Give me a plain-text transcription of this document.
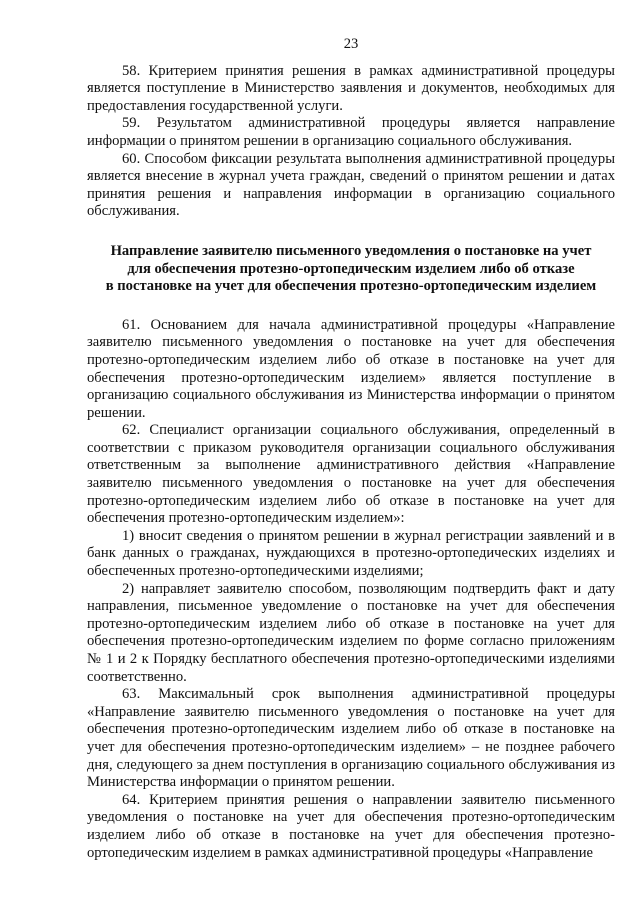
23

58. Критерием принятия решения в рамках административной процедуры является поступление в Министерство заявления и документов, необходимых для предоставления государственной услуги.

59. Результатом административной процедуры является направление информации о принятом решении в организацию социального обслуживания.

60. Способом фиксации результата выполнения административной процедуры является внесение в журнал учета граждан, сведений о принятом решении и датах принятия решения и направления информации в организацию социального обслуживания.

Направление заявителю письменного уведомления о постановке на учет
для обеспечения протезно-ортопедическим изделием либо об отказе
в постановке на учет для обеспечения протезно-ортопедическим изделием

61. Основанием для начала административной процедуры «Направление заявителю письменного уведомления о постановке на учет для обеспечения протезно-ортопедическим изделием либо об отказе в постановке на учет для обеспечения протезно-ортопедическим изделием» является поступление в организацию социального обслуживания из Министерства информации о принятом решении.

62. Специалист организации социального обслуживания, определенный в соответствии с приказом руководителя организации социального обслуживания ответственным за выполнение административного действия «Направление заявителю письменного уведомления о постановке на учет для обеспечения протезно-ортопедическим изделием либо об отказе в постановке на учет для обеспечения протезно-ортопедическим изделием»:

1) вносит сведения о принятом решении в журнал регистрации заявлений и в банк данных о гражданах, нуждающихся в протезно-ортопедических изделиях и обеспеченных протезно-ортопедическими изделиями;

2) направляет заявителю способом, позволяющим подтвердить факт и дату направления, письменное уведомление о постановке на учет для обеспечения протезно-ортопедическим изделием либо об отказе в постановке на учет для обеспечения протезно-ортопедическим изделием по форме согласно приложениям № 1 и 2 к Порядку бесплатного обеспечения протезно-ортопедическими изделиями соответственно.

63. Максимальный срок выполнения административной процедуры «Направление заявителю письменного уведомления о постановке на учет для обеспечения протезно-ортопедическим изделием либо об отказе в постановке на учет для обеспечения протезно-ортопедическим изделием» – не позднее рабочего дня, следующего за днем поступления в организацию социального обслуживания из Министерства информации о принятом решении.

64. Критерием принятия решения о направлении заявителю письменного уведомления о постановке на учет для обеспечения протезно-ортопедическим изделием либо об отказе в постановке на учет для обеспечения протезно-ортопедическим изделием в рамках административной процедуры «Направление
